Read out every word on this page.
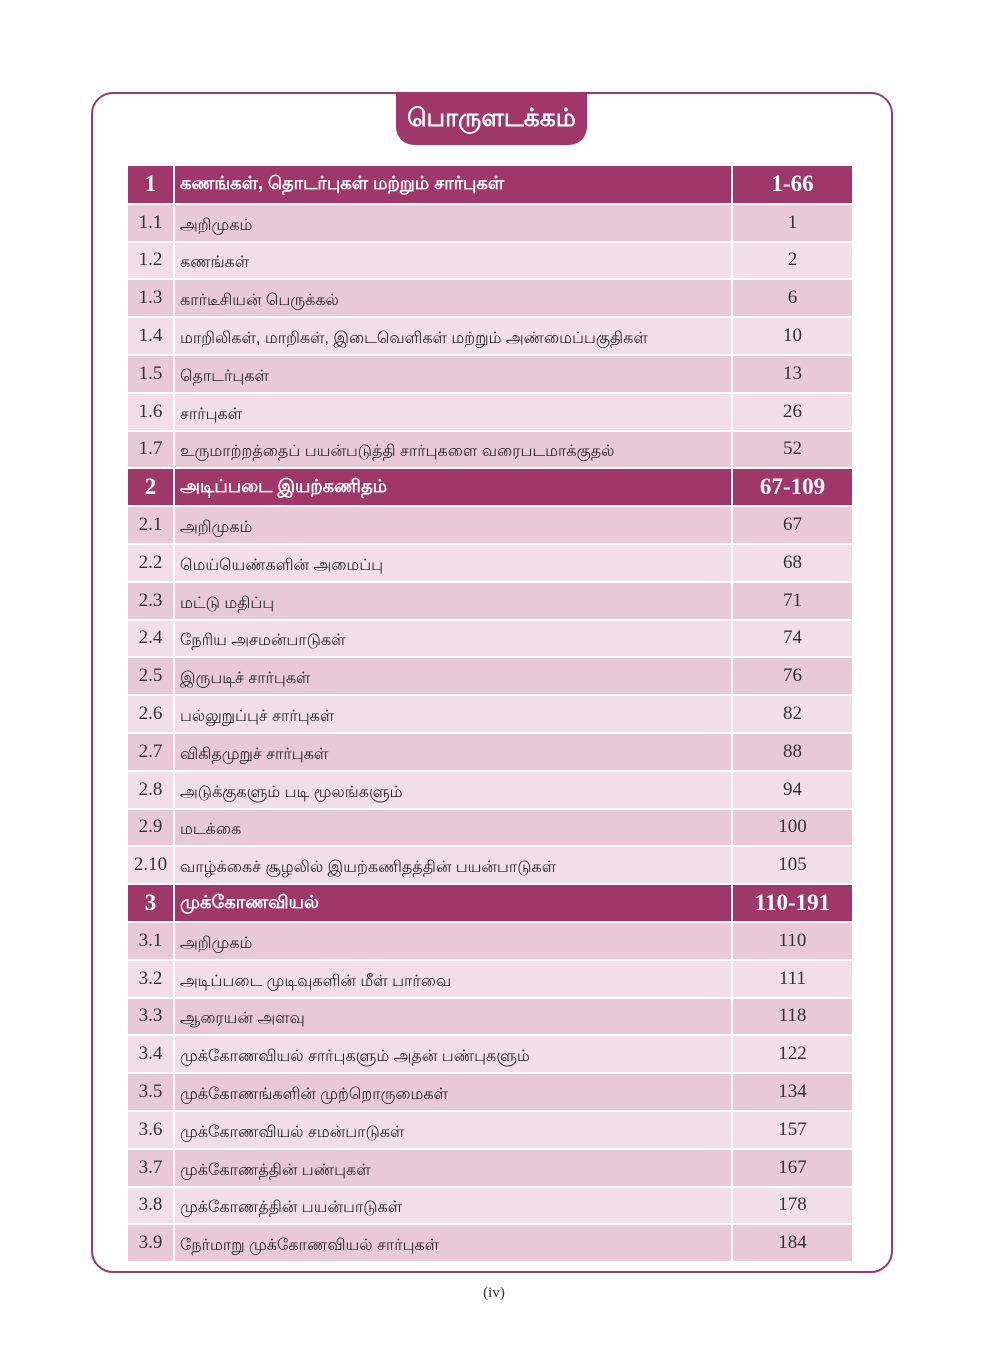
பொருளடக்கம்
1	கணங்கள், தொடர்புகள் மற்றும் சார்புகள்	1-66
1.1	அறிமுகம்	1
1.2	கணங்கள்	2
1.3	கார்டீசியன் பெருக்கல்	6
1.4	மாறிலிகள், மாறிகள், இடைவெளிகள் மற்றும் அண்மைப்பகுதிகள்	10
1.5	தொடர்புகள்	13
1.6	சார்புகள்	26
1.7	உருமாற்றத்தைப் பயன்படுத்தி சார்புகளை வரைபடமாக்குதல்	52
2	அடிப்படை இயற்கணிதம்	67-109
2.1	அறிமுகம்	67
2.2	மெய்யெண்களின் அமைப்பு	68
2.3	மட்டு மதிப்பு	71
2.4	நேரிய அசமன்பாடுகள்	74
2.5	இருபடிச் சார்புகள்	76
2.6	பல்லுறுப்புச் சார்புகள்	82
2.7	விகிதமுறுச் சார்புகள்	88
2.8	அடுக்குகளும் படி மூலங்களும்	94
2.9	மடக்கை	100
2.10	வாழ்க்கைச் சூழலில் இயற்கணிதத்தின் பயன்பாடுகள்	105
3	முக்கோணவியல்	110-191
3.1	அறிமுகம்	110
3.2	அடிப்படை முடிவுகளின் மீள் பார்வை	111
3.3	ஆரையன் அளவு	118
3.4	முக்கோணவியல் சார்புகளும் அதன் பண்புகளும்	122
3.5	முக்கோணங்களின் முற்றொருமைகள்	134
3.6	முக்கோணவியல் சமன்பாடுகள்	157
3.7	முக்கோணத்தின் பண்புகள்	167
3.8	முக்கோணத்தின் பயன்பாடுகள்	178
3.9	நேர்மாறு முக்கோணவியல் சார்புகள்	184
(iv)
